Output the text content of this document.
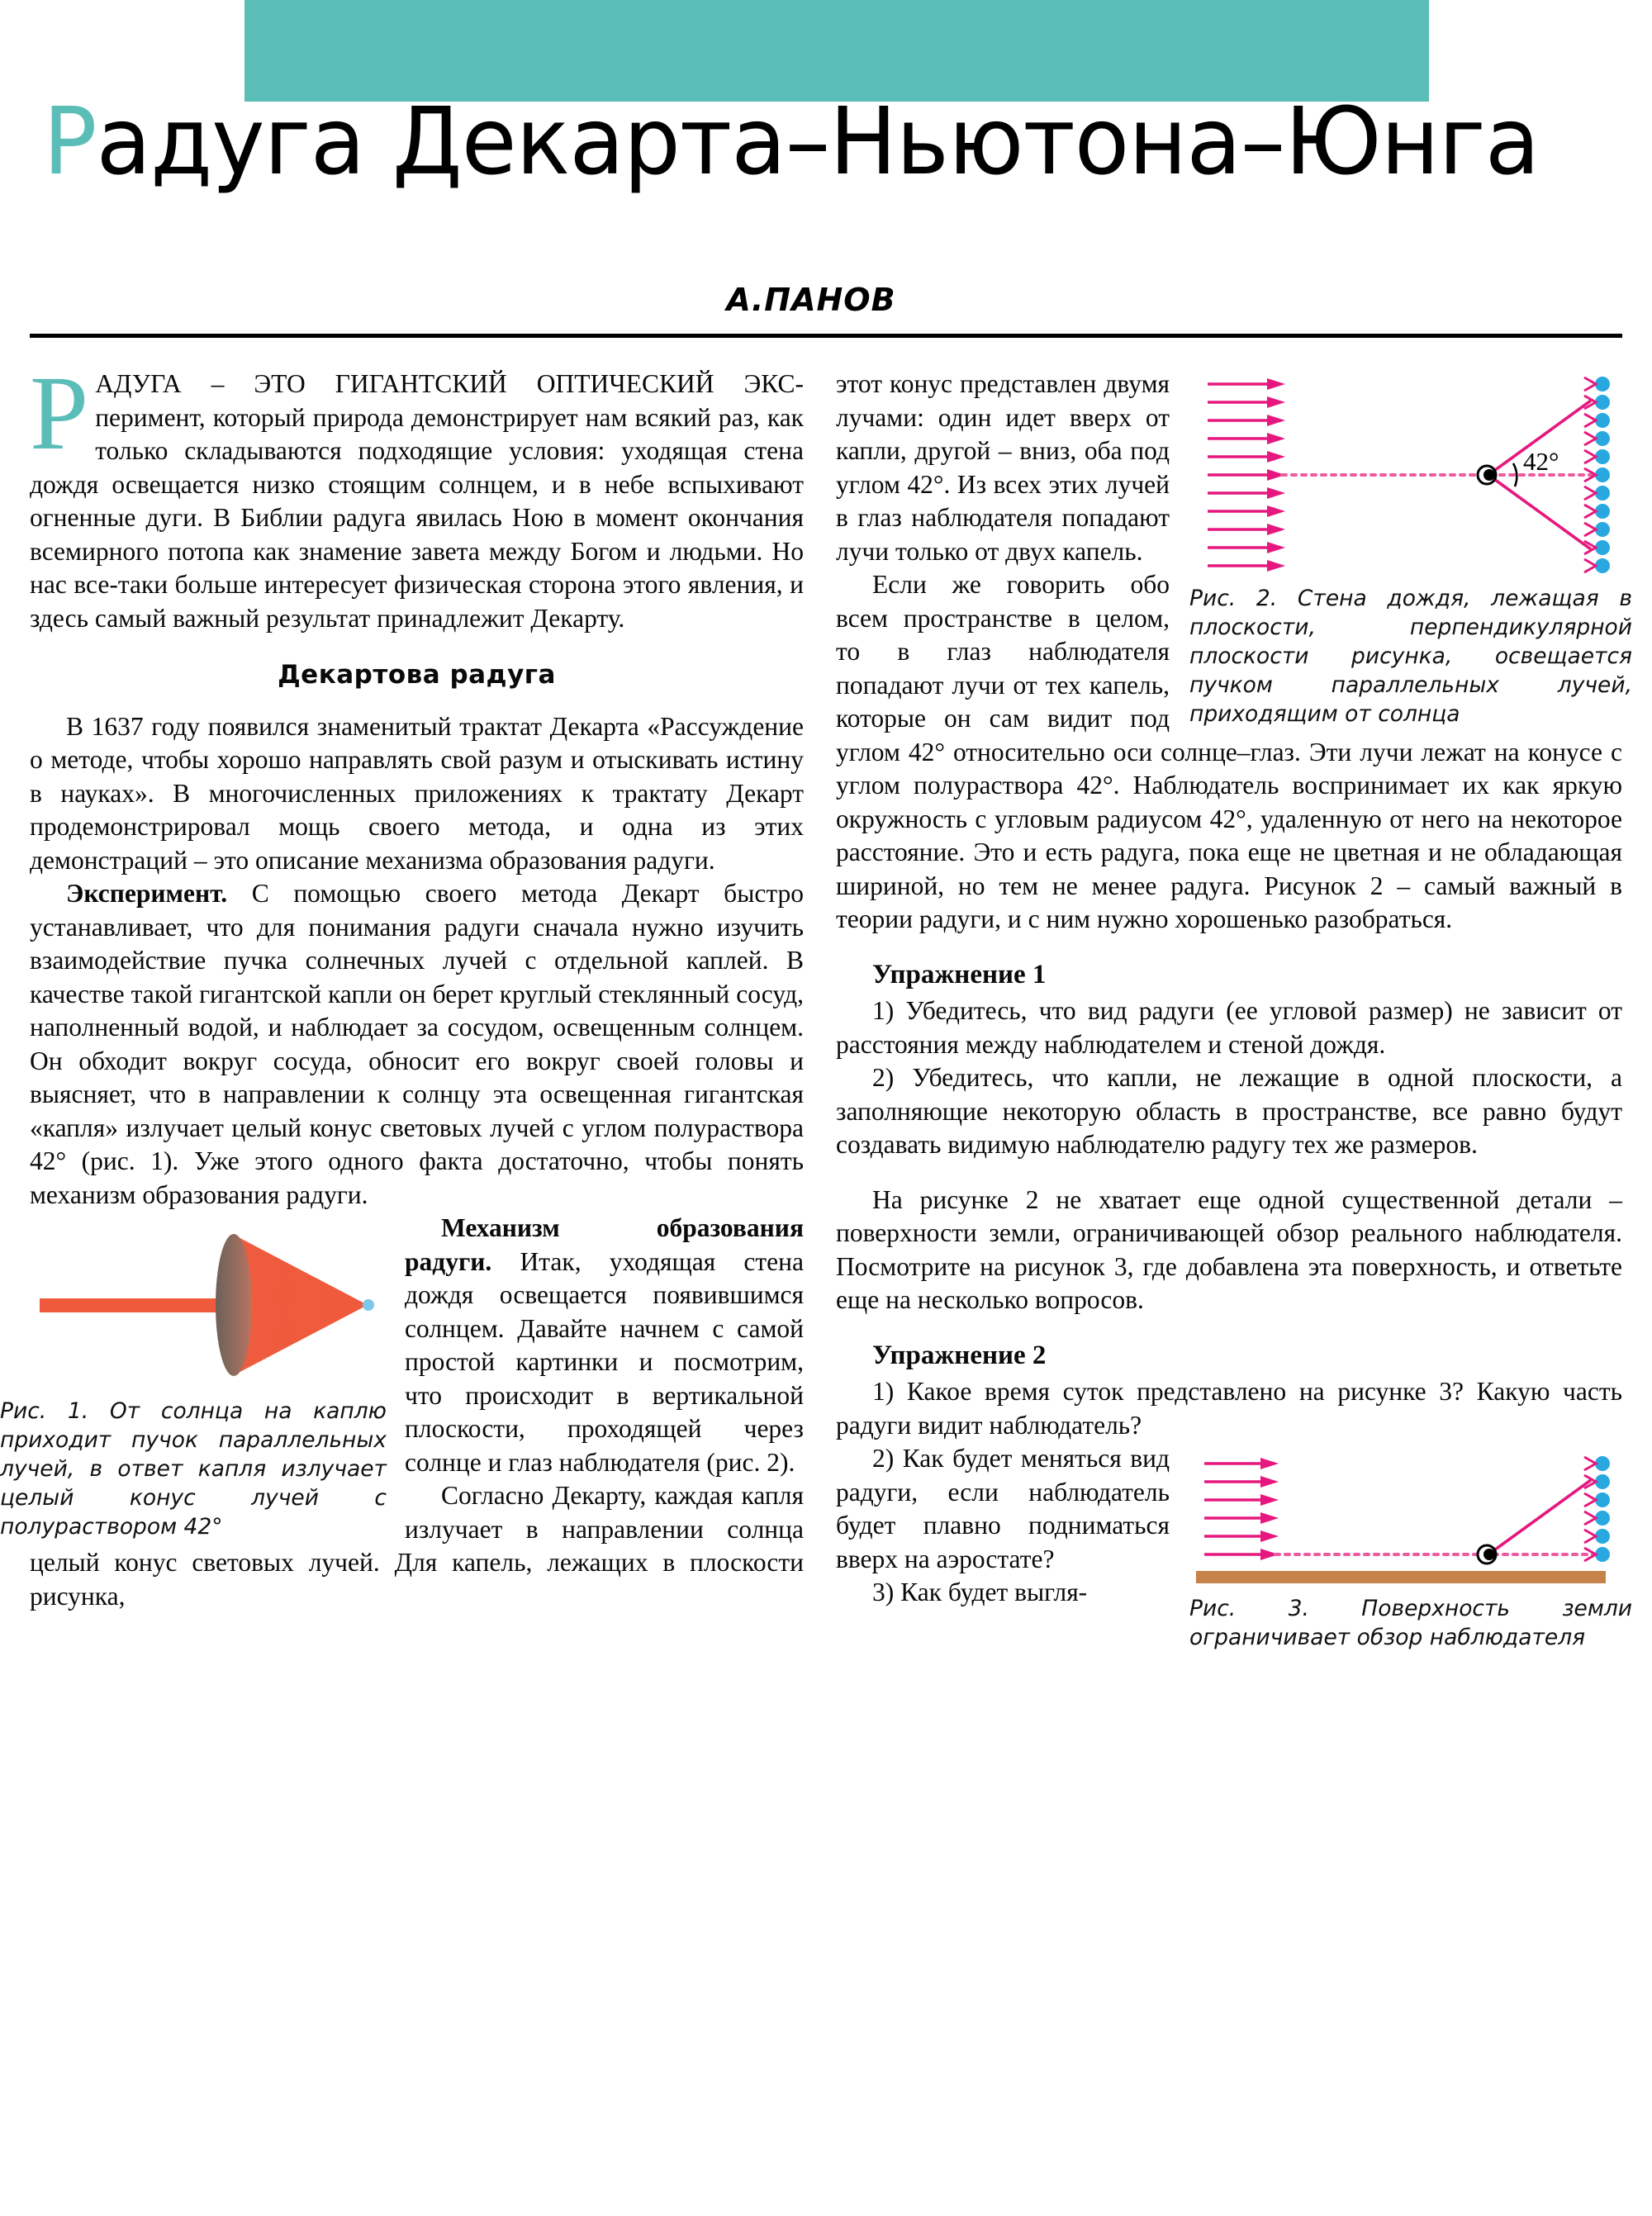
Радуга Декарта–Ньютона–Юнга
А.ПАНОВ

РАДУГА – ЭТО ГИГАНТСКИЙ ОПТИЧЕСКИЙ ЭКС- перимент, который природа демонстрирует нам всякий раз, как только складываются подходящие условия: уходящая стена дождя освещается низко стоящим солнцем, и в небе вспыхивают огненные дуги. В Библии радуга явилась Ною в момент окончания всемирного потопа как знамение завета между Богом и людьми. Но нас все-таки больше интересует физическая сторона этого явления, и здесь самый важный результат принадлежит Декарту.

Декартова радуга

В 1637 году появился знаменитый трактат Декарта «Рассуждение о методе, чтобы хорошо направлять свой разум и отыскивать истину в науках». В многочисленных приложениях к трактату Декарт продемонстрировал мощь своего метода, и одна из этих демонстраций – это описание механизма образования радуги.

Эксперимент. С помощью своего метода Декарт быстро устанавливает, что для понимания радуги сначала нужно изучить взаимодействие пучка солнечных лучей с отдельной каплей. В качестве такой гигантской капли он берет круглый стеклянный сосуд, наполненный водой, и наблюдает за сосудом, освещенным солнцем. Он обходит вокруг сосуда, обносит его вокруг своей головы и выясняет, что в направлении к солнцу эта освещенная гигантская «капля» излучает целый конус световых лучей с углом полураствора 42° (рис. 1). Уже этого одного факта достаточно, чтобы понять механизм образования радуги.

Рис. 1. От солнца на каплю приходит пучок параллельных лучей, в ответ капля излучает целый конус лучей с полураствором 42°

Механизм образования радуги. Итак, уходящая стена дождя освещается появившимся солнцем. Давайте начнем с самой простой картинки и посмотрим, что происходит в вертикальной плоскости, проходящей через солнце и глаз наблюдателя (рис. 2).

Согласно Декарту, каждая капля излучает в направлении солнца целый конус световых лучей. Для капель, лежащих в плоскости рисунка,

42°
Рис. 2. Стена дождя, лежащая в плоскости, перпендикулярной плоскости рисунка, освещается пучком параллельных лучей, приходящим от солнца

этот конус представлен двумя лучами: один идет вверх от капли, другой – вниз, оба под углом 42°. Из всех этих лучей в глаз наблюдателя попадают лучи только от двух капель.

Если же говорить обо всем пространстве в целом, то в глаз наблюдателя попадают лучи от тех капель, которые он сам видит под углом 42° относительно оси солнце–глаз. Эти лучи лежат на конусе с углом полураствора 42°. Наблюдатель воспринимает их как яркую окружность с угловым радиусом 42°, удаленную от него на некоторое расстояние. Это и есть радуга, пока еще не цветная и не обладающая шириной, но тем не менее радуга. Рисунок 2 – самый важный в теории радуги, и с ним нужно хорошенько разобраться.

Упражнение 1

1) Убедитесь, что вид радуги (ее угловой размер) не зависит от расстояния между наблюдателем и стеной дождя.

2) Убедитесь, что капли, не лежащие в одной плоскости, а заполняющие некоторую область в пространстве, все равно будут создавать видимую наблюдателю радугу тех же размеров.

На рисунке 2 не хватает еще одной существенной детали – поверхности земли, ограничивающей обзор реального наблюдателя. Посмотрите на рисунок 3, где добавлена эта поверхность, и ответьте еще на несколько вопросов.

Упражнение 2

1) Какое время суток представлено на рисунке 3? Какую часть радуги видит наблюдатель?

Рис. 3. Поверхность земли ограничивает обзор наблюдателя

2) Как будет меняться вид радуги, если наблюдатель будет плавно подниматься вверх на аэростате?

3) Как будет выгля-
